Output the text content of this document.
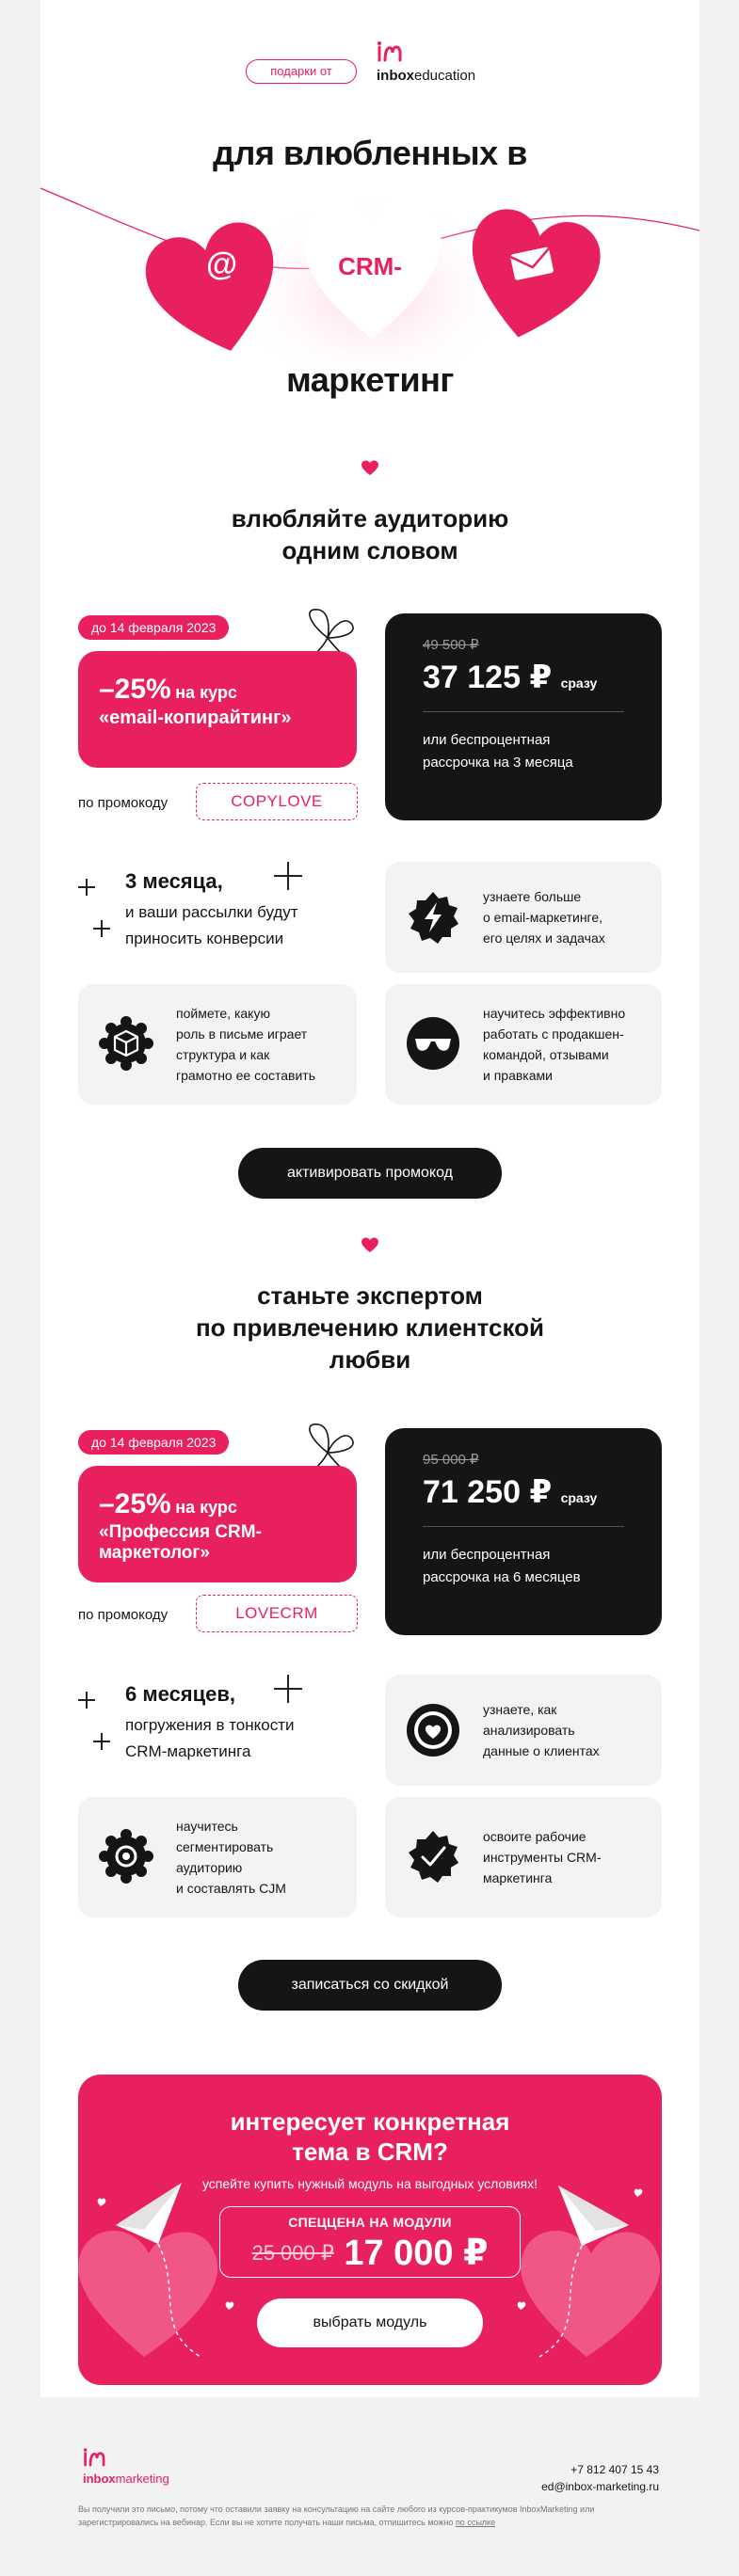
подарки от	inboxeducation
для влюбленных в
@	CRM-
маркетинг
влюбляйте аудиторию
одним словом
до 14 февраля 2023
–25% на курс
«email-копирайтинг»
49 500 ₽
37 125 ₽ сразу
или беспроцентная
рассрочка на 3 месяца
по промокоду	COPYLOVE
3 месяца,
и ваши рассылки будут
приносить конверсии
узнаете больше
о email-маркетинге,
его целях и задачах
поймете, какую
роль в письме играет
структура и как
грамотно ее составить
научитесь эффективно
работать с продакшен-
командой, отзывами
и правками
активировать промокод
станьте экспертом
по привлечению клиентской
любви
до 14 февраля 2023
–25% на курс
«Профессия CRM-
маркетолог»
95 000 ₽
71 250 ₽ сразу
или беспроцентная
рассрочка на 6 месяцев
по промокоду	LOVECRM
6 месяцев,
погружения в тонкости
CRM-маркетинга
узнаете, как
анализировать
данные о клиентах
научитесь
сегментировать
аудиторию
и составлять CJM
освоите рабочие
инструменты CRM-
маркетинга
записаться со скидкой
интересует конкретная
тема в CRM?
успейте купить нужный модуль на выгодных условиях!
СПЕЦЦЕНА НА МОДУЛИ
25 000 ₽ 17 000 ₽
выбрать модуль
inboxmarketing
+7 812 407 15 43
ed@inbox-marketing.ru
Вы получили это письмо, потому что оставили заявку на консультацию на сайте любого из курсов-практикумов InboxMarketing или зарегистрировались на вебинар. Если вы не хотите получать наши письма, отпишитесь можно по ссылке
